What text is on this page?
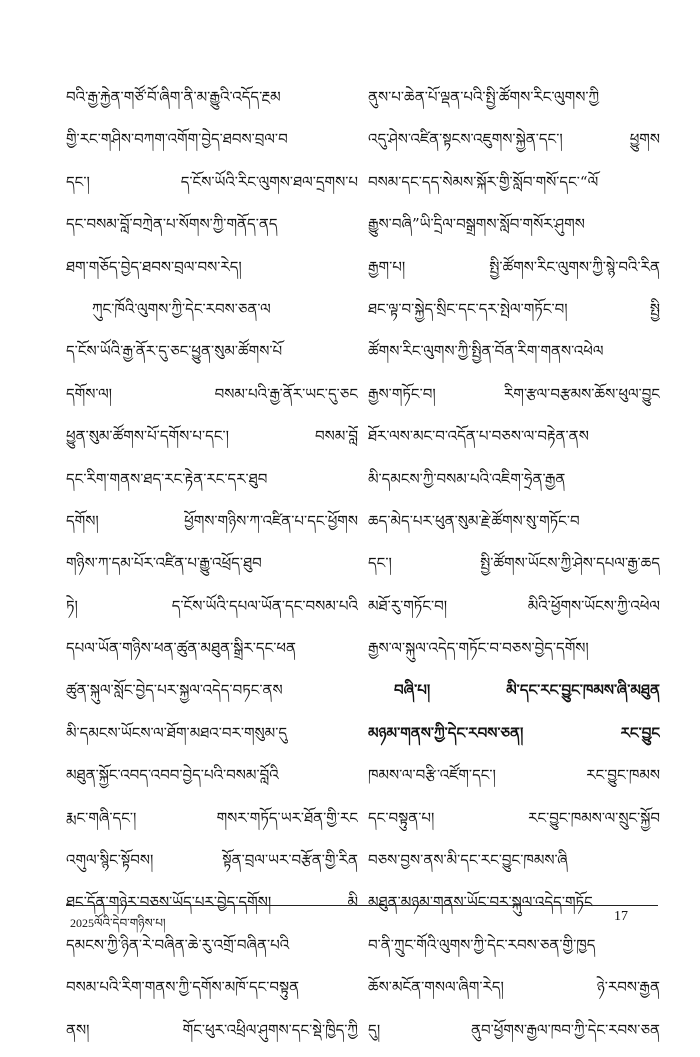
བའི་རྒྱ་རྐྱེན་གཙོ་བོ་ཞིག་ནི་མ་རྒྱུའི་འདོད་རྔམ
གྱི་རང་གཤིས་བཀག་འགོག་བྱེད་ཐབས་བྲལ་བ
དང་། ད་ངོས་ཡོའི་རིང་ལུགས་ཐལ་དྲགས་པ
དང་བསམ་བློ་བཀྲེན་པ་སོགས་ཀྱི་གནོད་ནད
ཐག་གཅོད་བྱེད་ཐབས་བྲལ་བས་རེད།
ཀུང་ཁོའི་ལུགས་ཀྱི་དེང་རབས་ཅན་ལ
ད་ངོས་ཡོའི་རྒྱ་ནོར་དུ་ཅང་ཕྱུན་སུམ་ཚོགས་པོ
དགོས་ལ། བསམ་པའི་རྒྱ་ནོར་ཡང་དུ་ཅང
ཕྱུན་སུམ་ཚོགས་པོ་དགོས་པ་དང་། བསམ་བློ
དང་རིག་གནས་ཐད་རང་རྟེན་རང་དར་ཐུབ
དགོས། ཕྱོགས་གཉིས་ཀ་འཛིན་པ་དང་ཕྱོགས
གཉིས་ཀ་དམ་པོར་འཛིན་པ་རྒྱུ་འཕྲོད་ཐུབ
ཏེ། ད་ངོས་ཡོའི་དཔལ་ཡོན་དང་བསམ་པའི
དཔལ་ཡོན་གཉིས་ཕན་ཚུན་མཐུན་སྒྲིར་དང་ཕན
ཚུན་སྐུལ་སློང་བྱེད་པར་སྐྱལ་འདེད་བཏང་ནས
མི་དམངས་ཡོངས་ལ་ཐོག་མཐའ་བར་གསུམ་དུ
མཐུན་སྐྱོང་འབད་འབབ་བྱེད་པའི་བསམ་བློའི
རྨང་གཞི་དང་། གསར་གཏོད་ཡར་ཐོན་གྱི་རང
འགུལ་སྙིང་སྟོབས། སྟོན་བྲལ་ཡར་བརྩོན་གྱི་རིན
ཐང་དོན་གཉེར་བཅས་ཡོད་པར་བྱེད་དགོས། མི
དམངས་ཀྱི་ཉིན་རེ་བཞིན་ཆེ་རུ་འགྲོ་བཞིན་པའི
བསམ་པའི་རིག་གནས་ཀྱི་དགོས་མཁོ་དང་བསྟུན
ནས། གོང་ཕུར་འཕྲིལ་ཤུགས་དང་སྡེ་ཁྱིད་ཀྱི
ནུས་པ་ཆེན་པོ་ལྡན་པའི་སྤྱི་ཚོགས་རིང་ལུགས་ཀྱི
འདུ་ཤེས་འཛིན་སྟངས་འཇུགས་སྐྱེན་དང་། ཕྱུགས
བསམ་དང་དད་སེམས་སྐོར་གྱི་སློབ་གསོ་དང་“ལོ
རྒྱུས་བཞི”ཡི་དྲིལ་བསྒྲགས་སློབ་གསོར་ཤུགས
རྒྱག་པ། སྤྱི་ཚོགས་རིང་ལུགས་ཀྱི་སྙེ་བའི་རིན
ཐང་ལྟ་བ་སྐྱེད་སྲིང་དང་དར་སྤེལ་གཏོང་བ། སྤྱི
ཚོགས་རིང་ལུགས་ཀྱི་སྤྱིན་བོན་རིག་གནས་འཕེལ
རྒྱས་གཏོང་བ། རིག་རྩལ་བརྩམས་ཆོས་ཕུལ་བྱུང
ཐོར་ལས་མང་བ་འདོན་པ་བཅས་ལ་བརྟེན་ནས
མི་དམངས་ཀྱི་བསམ་པའི་འཇིག་ཧྲེན་རྒྱན
ཆད་མེད་པར་ཕུན་སུམ་རྗེ་ཚོགས་སུ་གཏོང་བ
དང་། སྤྱི་ཚོགས་ཡོངས་ཀྱི་ཤེས་དཔལ་རྒྱ་ཆད
མཐོ་རུ་གཏོང་བ། མིའི་ཕྱོགས་ཡོངས་ཀྱི་འཕེལ
རྒྱས་ལ་སྐུལ་འདེད་གཏོང་བ་བཅས་བྱེད་དགོས།
བཞི་པ། མི་དང་རང་བྱུང་ཁམས་ཞི་མཐུན
མཉམ་གནས་ཀྱི་དེང་རབས་ཅན། རང་བྱུང
ཁམས་ལ་བརྩི་འཛོག་དང་། རང་བྱུང་ཁམས
དང་བསྟུན་པ། རང་བྱུང་ཁམས་ལ་སྲུང་སྐྱོབ
བཅས་བྱས་ནས་མི་དང་རང་བྱུང་ཁམས་ཞི
མཐུན་མཉམ་གནས་ཡོང་བར་སྐུལ་འདེད་གཏོང
བ་ནི་ཀྲུང་གོའི་ལུགས་ཀྱི་དེང་རབས་ཅན་གྱི་ཁྱད
ཆོས་མངོན་གསལ་ཞིག་རེད། ཉེ་རབས་རྒྱན
དུ། ནུབ་ཕྱོགས་རྒྱལ་ཁབ་ཀྱི་དེང་རབས་ཅན
2025ལོའི་དེབ་གཉིས་པ།	17
